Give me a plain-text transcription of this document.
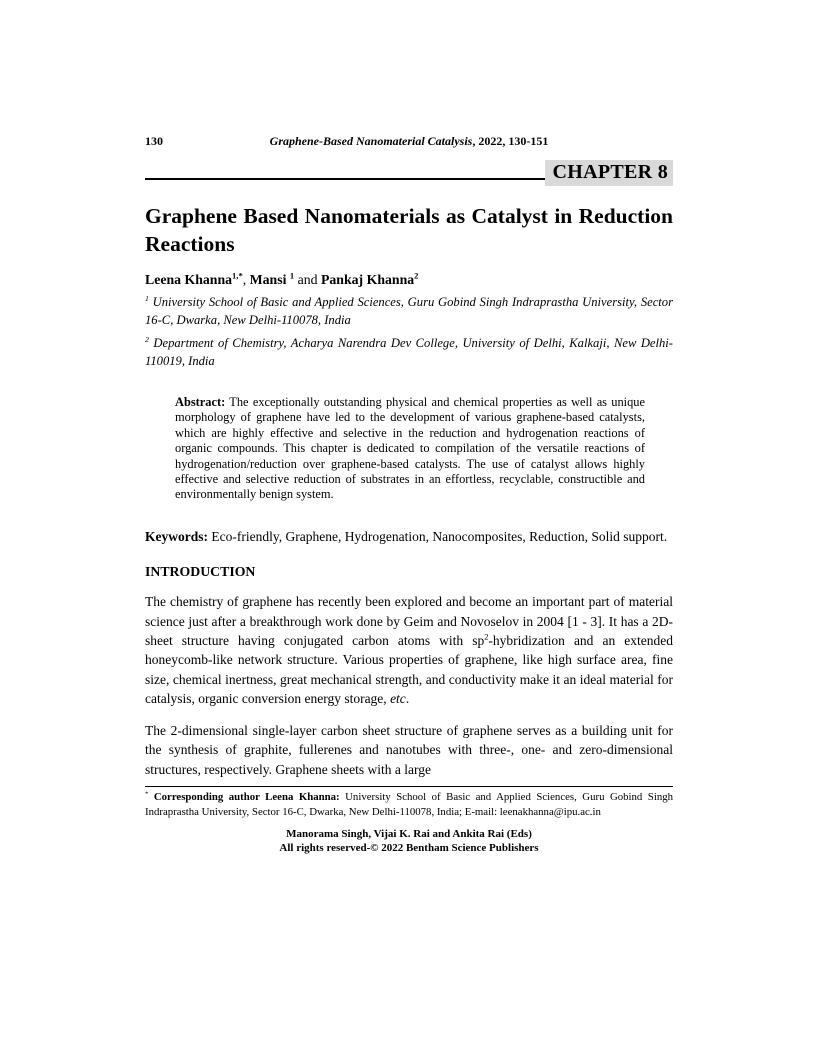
130	Graphene-Based Nanomaterial Catalysis, 2022, 130-151
CHAPTER 8
Graphene Based Nanomaterials as Catalyst in Reduction Reactions

Leena Khanna$^{1,*}$, Mansi $^1$ and Pankaj Khanna$^2$

$^1$ University School of Basic and Applied Sciences, Guru Gobind Singh Indraprastha University, Sector 16-C, Dwarka, New Delhi-110078, India

$^2$ Department of Chemistry, Acharya Narendra Dev College, University of Delhi, Kalkaji, New Delhi-110019, India

Abstract: The exceptionally outstanding physical and chemical properties as well as unique morphology of graphene have led to the development of various graphene-based catalysts, which are highly effective and selective in the reduction and hydrogenation reactions of organic compounds. This chapter is dedicated to compilation of the versatile reactions of hydrogenation/reduction over graphene-based catalysts. The use of catalyst allows highly effective and selective reduction of substrates in an effortless, recyclable, constructible and environmentally benign system.

Keywords: Eco-friendly, Graphene, Hydrogenation, Nanocomposites, Reduction, Solid support.

INTRODUCTION

The chemistry of graphene has recently been explored and become an important part of material science just after a breakthrough work done by Geim and Novoselov in 2004 [1 - 3]. It has a 2D-sheet structure having conjugated carbon atoms with $sp^2$-hybridization and an extended honeycomb-like network structure. Various properties of graphene, like high surface area, fine size, chemical inertness, great mechanical strength, and conductivity make it an ideal material for catalysis, organic conversion energy storage, etc.

The 2-dimensional single-layer carbon sheet structure of graphene serves as a building unit for the synthesis of graphite, fullerenes and nanotubes with three-, one- and zero-dimensional structures, respectively. Graphene sheets with a large

* Corresponding author Leena Khanna: University School of Basic and Applied Sciences, Guru Gobind Singh Indraprastha University, Sector 16-C, Dwarka, New Delhi-110078, India; E-mail: leenakhanna@ipu.ac.in

Manorama Singh, Vijai K. Rai and Ankita Rai (Eds)
All rights reserved-© 2022 Bentham Science Publishers
